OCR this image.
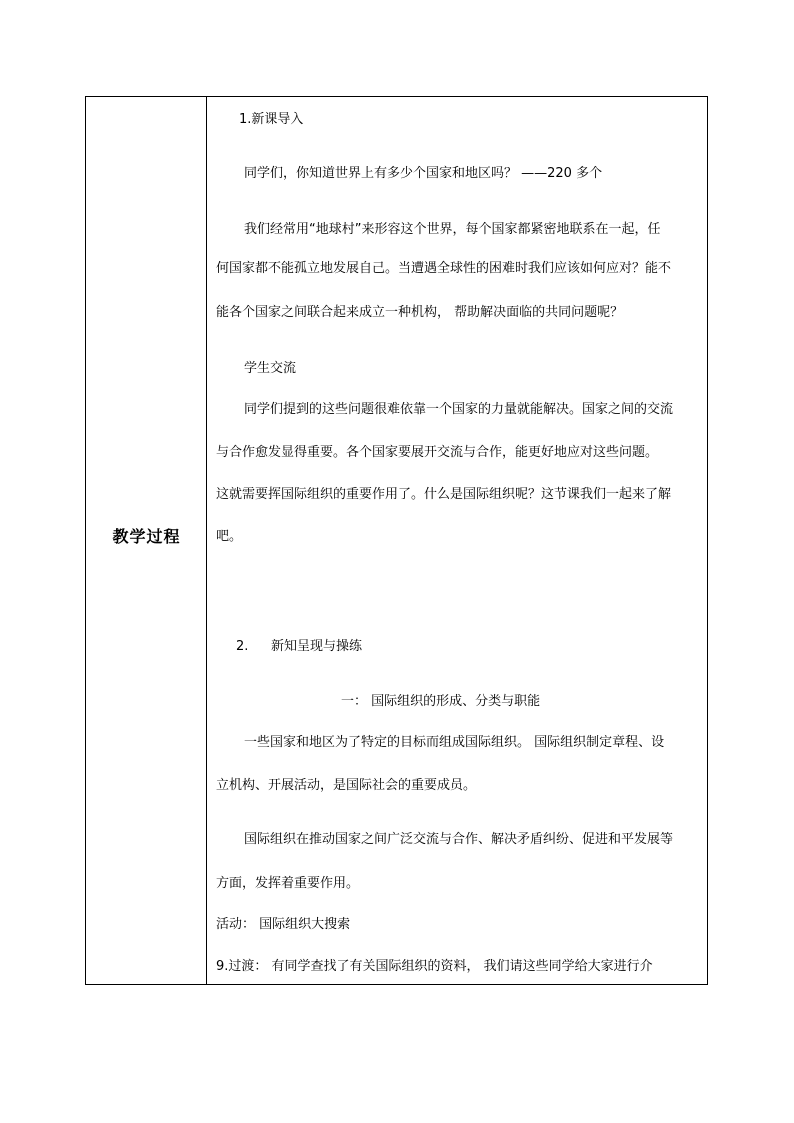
教学过程
1.新课导入
同学们，你知道世界上有多少个国家和地区吗？ ——220 多个
我们经常用“地球村”来形容这个世界，每个国家都紧密地联系在一起，任
何国家都不能孤立地发展自己。当遭遇全球性的困难时我们应该如何应对？能不
能各个国家之间联合起来成立一种机构， 帮助解决面临的共同问题呢？
学生交流
同学们提到的这些问题很难依靠一个国家的力量就能解决。国家之间的交流
与合作愈发显得重要。各个国家要展开交流与合作，能更好地应对这些问题。
这就需要挥国际组织的重要作用了。什么是国际组织呢？这节课我们一起来了解
吧。
2. 新知呈现与操练
一： 国际组织的形成、分类与职能
一些国家和地区为了特定的目标而组成国际组织。 国际组织制定章程、设
立机构、开展活动，是国际社会的重要成员。
国际组织在推动国家之间广泛交流与合作、解决矛盾纠纷、促进和平发展等
方面，发挥着重要作用。
活动： 国际组织大搜索
9.过渡： 有同学查找了有关国际组织的资料， 我们请这些同学给大家进行介
